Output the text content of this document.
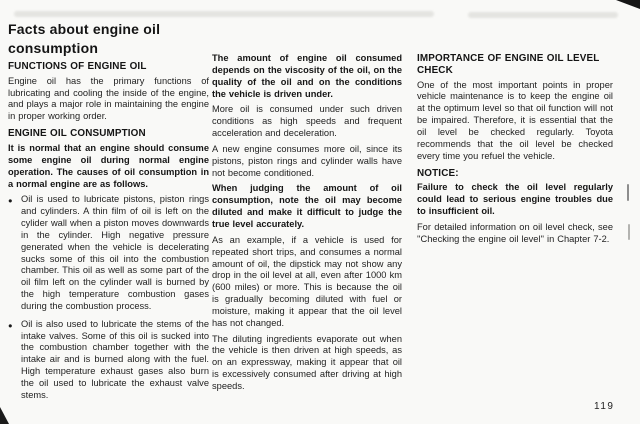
Facts about engine oil
consumption
FUNCTIONS OF ENGINE OIL

Engine oil has the primary functions of lubricating and cooling the inside of the engine, and plays a major role in maintaining the engine in proper working order.

ENGINE OIL CONSUMPTION

It is normal that an engine should consume some engine oil during normal engine operation. The causes of oil consumption in a normal engine are as follows.

● Oil is used to lubricate pistons, piston rings and cylinders. A thin film of oil is left on the cylider wall when a piston moves downwards in the cylinder. High negative pressure generated when the vehicle is decelerating sucks some of this oil into the combustion chamber. This oil as well as some part of the oil film left on the cylinder wall is burned by the high temperature combustion gases during the combustion process.
● Oil is also used to lubricate the stems of the intake valves. Some of this oil is sucked into the combustion chamber together with the intake air and is burned along with the fuel. High temperature exhaust gases also burn the oil used to lubricate the exhaust valve stems.

The amount of engine oil consumed depends on the viscosity of the oil, on the quality of the oil and on the conditions the vehicle is driven under.

More oil is consumed under such driven conditions as high speeds and frequent acceleration and deceleration.

A new engine consumes more oil, since its pistons, piston rings and cylinder walls have not become conditioned.

When judging the amount of oil consumption, note the oil may become diluted and make it difficult to judge the true level accurately.

As an example, if a vehicle is used for repeated short trips, and consumes a normal amount of oil, the dipstick may not show any drop in the oil level at all, even after 1000 km (600 miles) or more. This is because the oil is gradually becoming diluted with fuel or moisture, making it appear that the oil level has not changed.

The diluting ingredients evaporate out when the vehicle is then driven at high speeds, as on an expressway, making it appear that oil is excessively consumed after driving at high speeds.

IMPORTANCE OF ENGINE OIL LEVEL CHECK

One of the most important points in proper vehicle maintenance is to keep the engine oil at the optimum level so that oil function will not be impaired. Therefore, it is essential that the oil level be checked regularly. Toyota recommends that the oil level be checked every time you refuel the vehicle.

NOTICE:

Failure to check the oil level regularly could lead to serious engine troubles due to insufficient oil.

For detailed information on oil level check, see ''Checking the engine oil level'' in Chapter 7-2.

119
